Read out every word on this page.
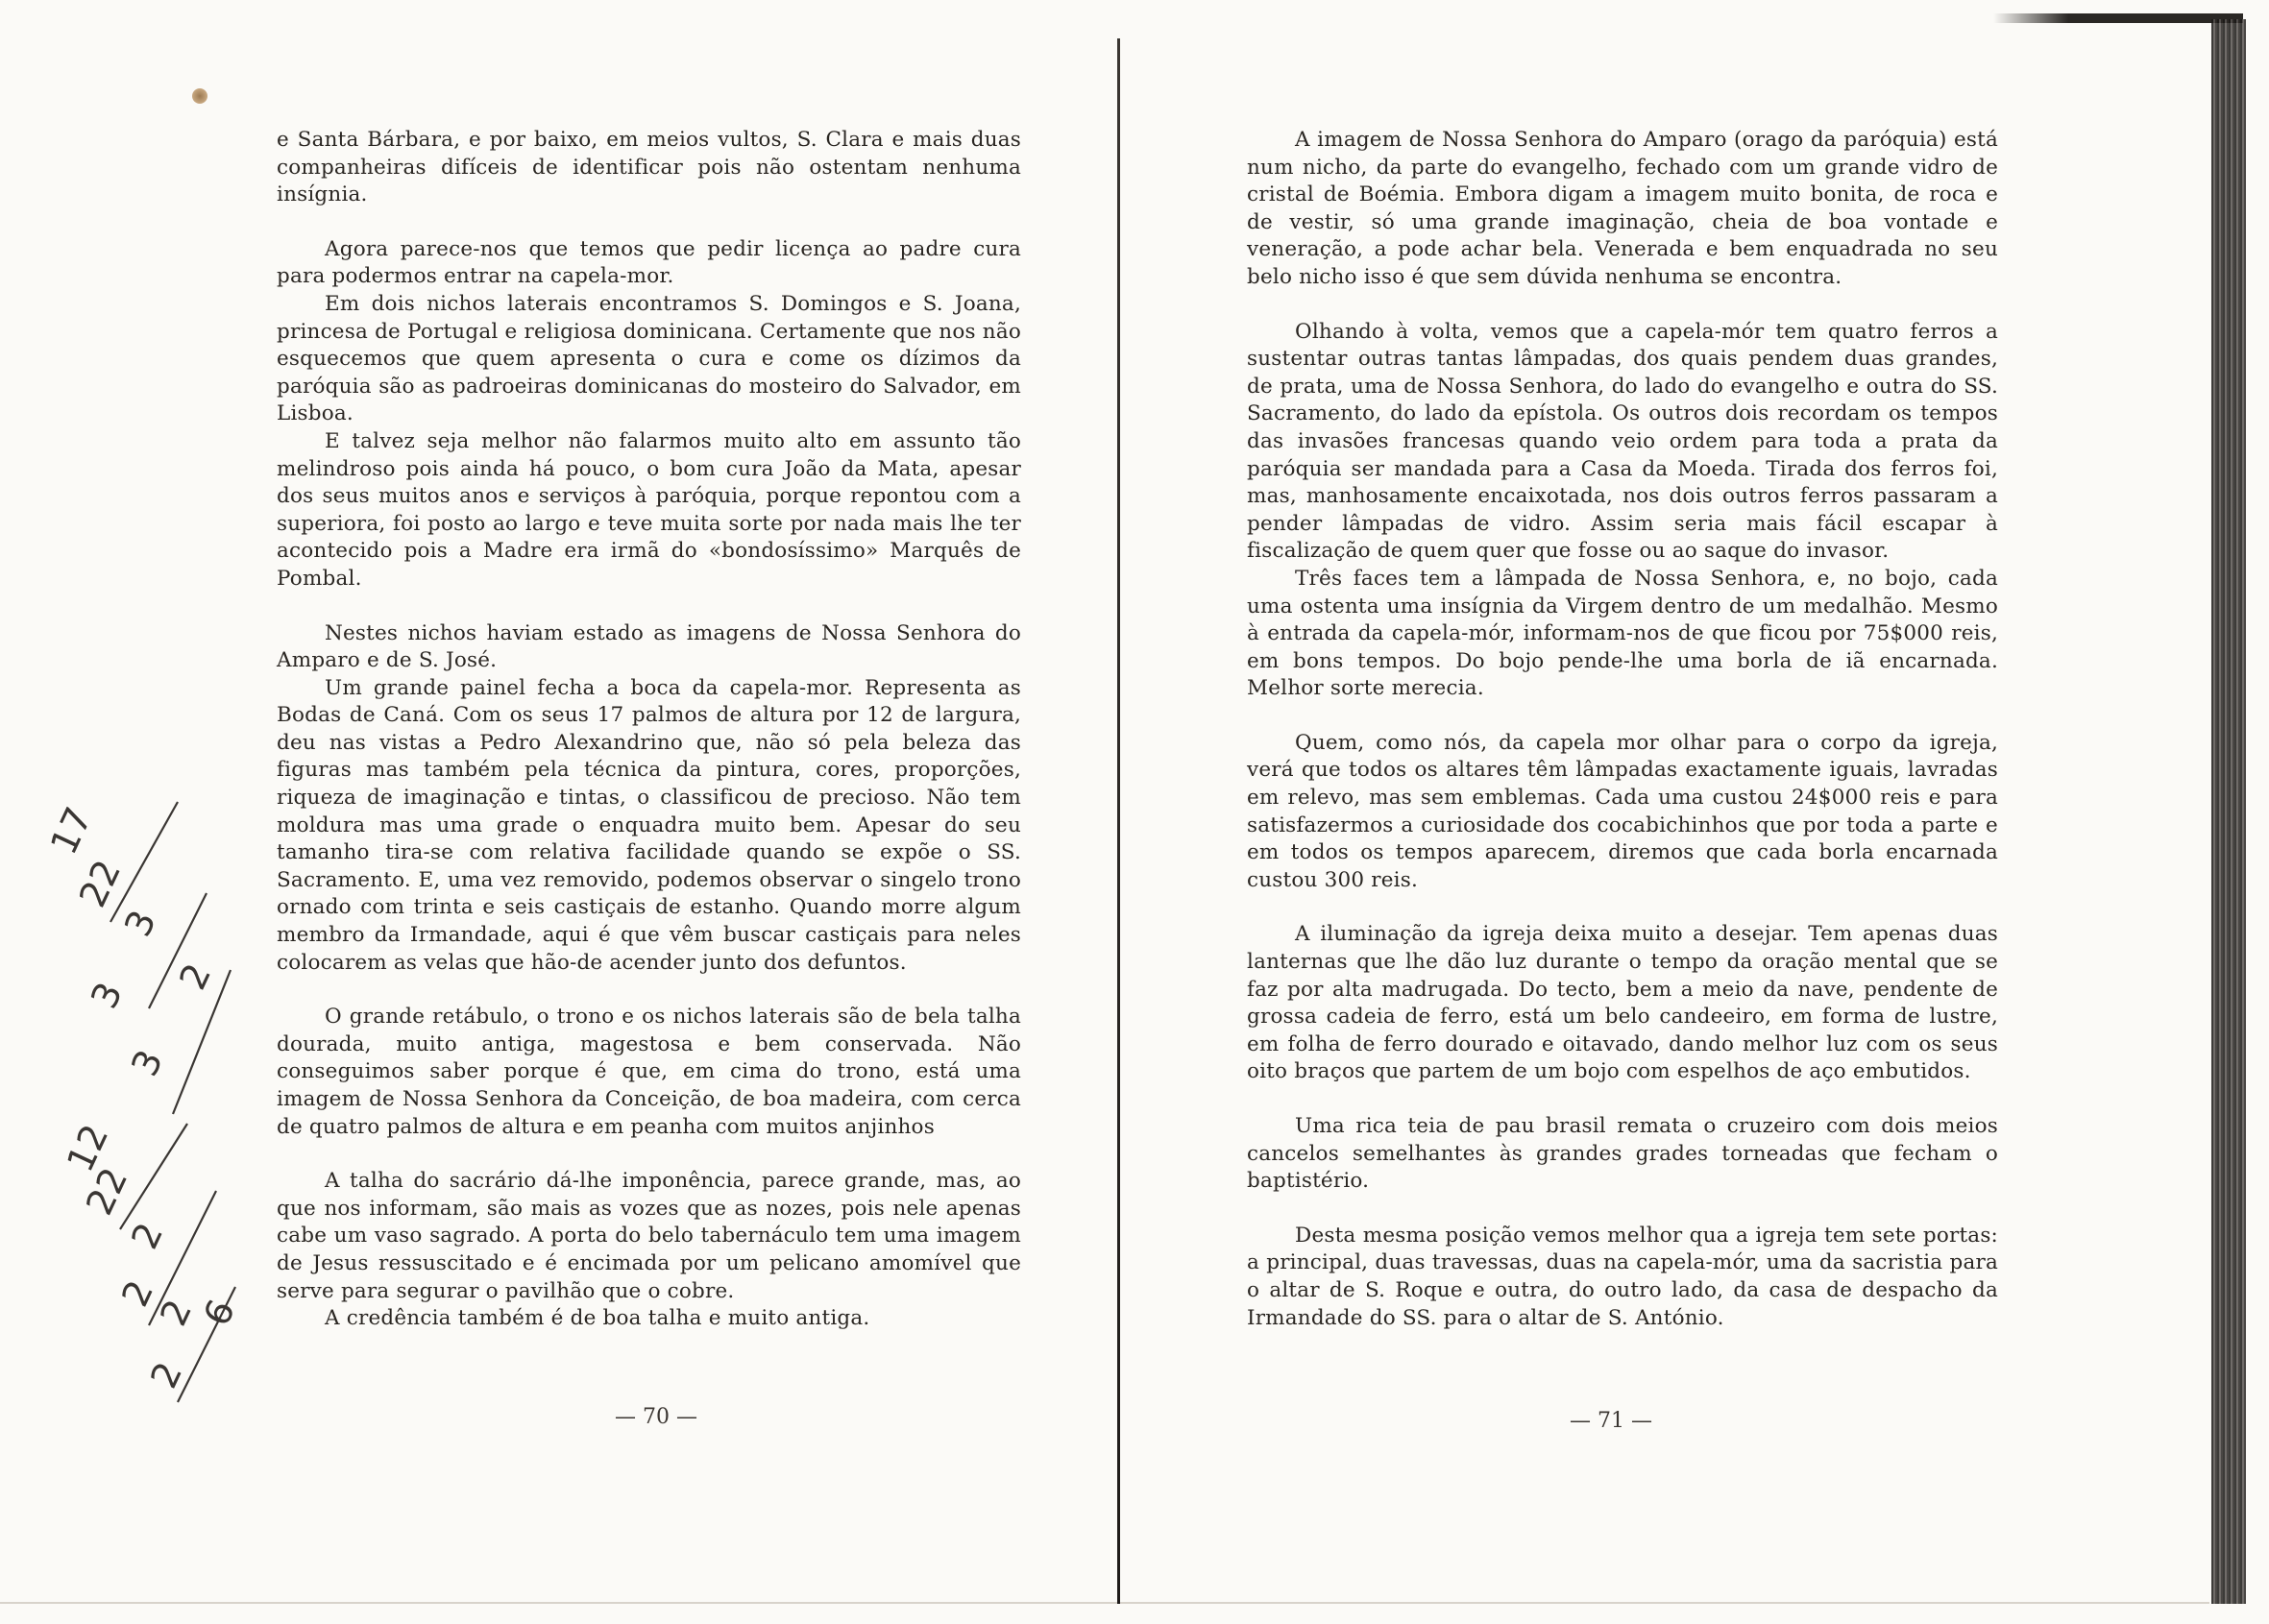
e Santa Bárbara, e por baixo, em meios vultos, S. Clara e mais duas companheiras difíceis de identificar pois não ostentam nenhuma insígnia.

Agora parece-nos que temos que pedir licença ao padre cura para podermos entrar na capela-mor.

Em dois nichos laterais encontramos S. Domingos e S. Joana, princesa de Portugal e religiosa dominicana. Certamente que nos não esquecemos que quem apresenta o cura e come os dízimos da paróquia são as padroeiras dominicanas do mosteiro do Salvador, em Lisboa.

E talvez seja melhor não falarmos muito alto em assunto tão melindroso pois ainda há pouco, o bom cura João da Mata, apesar dos seus muitos anos e serviços à paróquia, porque repontou com a superiora, foi posto ao largo e teve muita sorte por nada mais lhe ter acontecido pois a Madre era irmã do «bondosíssimo» Marquês de Pombal.

Nestes nichos haviam estado as imagens de Nossa Senhora do Amparo e de S. José.

Um grande painel fecha a boca da capela-mor. Representa as Bodas de Caná. Com os seus 17 palmos de altura por 12 de largura, deu nas vistas a Pedro Alexandrino que, não só pela beleza das figuras mas também pela técnica da pintura, cores, proporções, riqueza de imaginação e tintas, o classificou de precioso. Não tem moldura mas uma grade o enquadra muito bem. Apesar do seu tamanho tira-se com relativa facilidade quando se expõe o SS. Sacramento. E, uma vez removido, podemos observar o singelo trono ornado com trinta e seis castiçais de estanho. Quando morre algum membro da Irmandade, aqui é que vêm buscar castiçais para neles colocarem as velas que hão-de acender junto dos defuntos.

O grande retábulo, o trono e os nichos laterais são de bela talha dourada, muito antiga, magestosa e bem conservada. Não conseguimos saber porque é que, em cima do trono, está uma imagem de Nossa Senhora da Conceição, de boa madeira, com cerca de quatro palmos de altura e em peanha com muitos anjinhos

A talha do sacrário dá-lhe imponência, parece grande, mas, ao que nos informam, são mais as vozes que as nozes, pois nele apenas cabe um vaso sagrado. A porta do belo tabernáculo tem uma imagem de Jesus ressuscitado e é encimada por um pelicano amomível que serve para segurar o pavilhão que o cobre.

A credência também é de boa talha e muito antiga.

— 70 —

A imagem de Nossa Senhora do Amparo (orago da paróquia) está num nicho, da parte do evangelho, fechado com um grande vidro de cristal de Boémia. Embora digam a imagem muito bonita, de roca e de vestir, só uma grande imaginação, cheia de boa vontade e veneração, a pode achar bela. Venerada e bem enquadrada no seu belo nicho isso é que sem dúvida nenhuma se encontra.

Olhando à volta, vemos que a capela-mór tem quatro ferros a sustentar outras tantas lâmpadas, dos quais pendem duas grandes, de prata, uma de Nossa Senhora, do lado do evangelho e outra do SS. Sacramento, do lado da epístola. Os outros dois recordam os tempos das invasões francesas quando veio ordem para toda a prata da paróquia ser mandada para a Casa da Moeda. Tirada dos ferros foi, mas, manhosamente encaixotada, nos dois outros ferros passaram a pender lâmpadas de vidro. Assim seria mais fácil escapar à fiscalização de quem quer que fosse ou ao saque do invasor.

Três faces tem a lâmpada de Nossa Senhora, e, no bojo, cada uma ostenta uma insígnia da Virgem dentro de um medalhão. Mesmo à entrada da capela-mór, informam-nos de que ficou por 75$000 reis, em bons tempos. Do bojo pende-lhe uma borla de iã encarnada. Melhor sorte merecia.

Quem, como nós, da capela mor olhar para o corpo da igreja, verá que todos os altares têm lâmpadas exactamente iguais, lavradas em relevo, mas sem emblemas. Cada uma custou 24$000 reis e para satisfazermos a curiosidade dos cocabichinhos que por toda a parte e em todos os tempos aparecem, diremos que cada borla encarnada custou 300 reis.

A iluminação da igreja deixa muito a desejar. Tem apenas duas lanternas que lhe dão luz durante o tempo da oração mental que se faz por alta madrugada. Do tecto, bem a meio da nave, pendente de grossa cadeia de ferro, está um belo candeeiro, em forma de lustre, em folha de ferro dourado e oitavado, dando melhor luz com os seus oito braços que partem de um bojo com espelhos de aço embutidos.

Uma rica teia de pau brasil remata o cruzeiro com dois meios cancelos semelhantes às grandes grades torneadas que fecham o baptistério.

Desta mesma posição vemos melhor qua a igreja tem sete portas: a principal, duas travessas, duas na capela-mór, uma da sacristia para o altar de S. Roque e outra, do outro lado, da casa de despacho da Irmandade do SS. para o altar de S. António.

— 71 —
17
22
3
3 2
3
12
22
2
2
2
2
6
